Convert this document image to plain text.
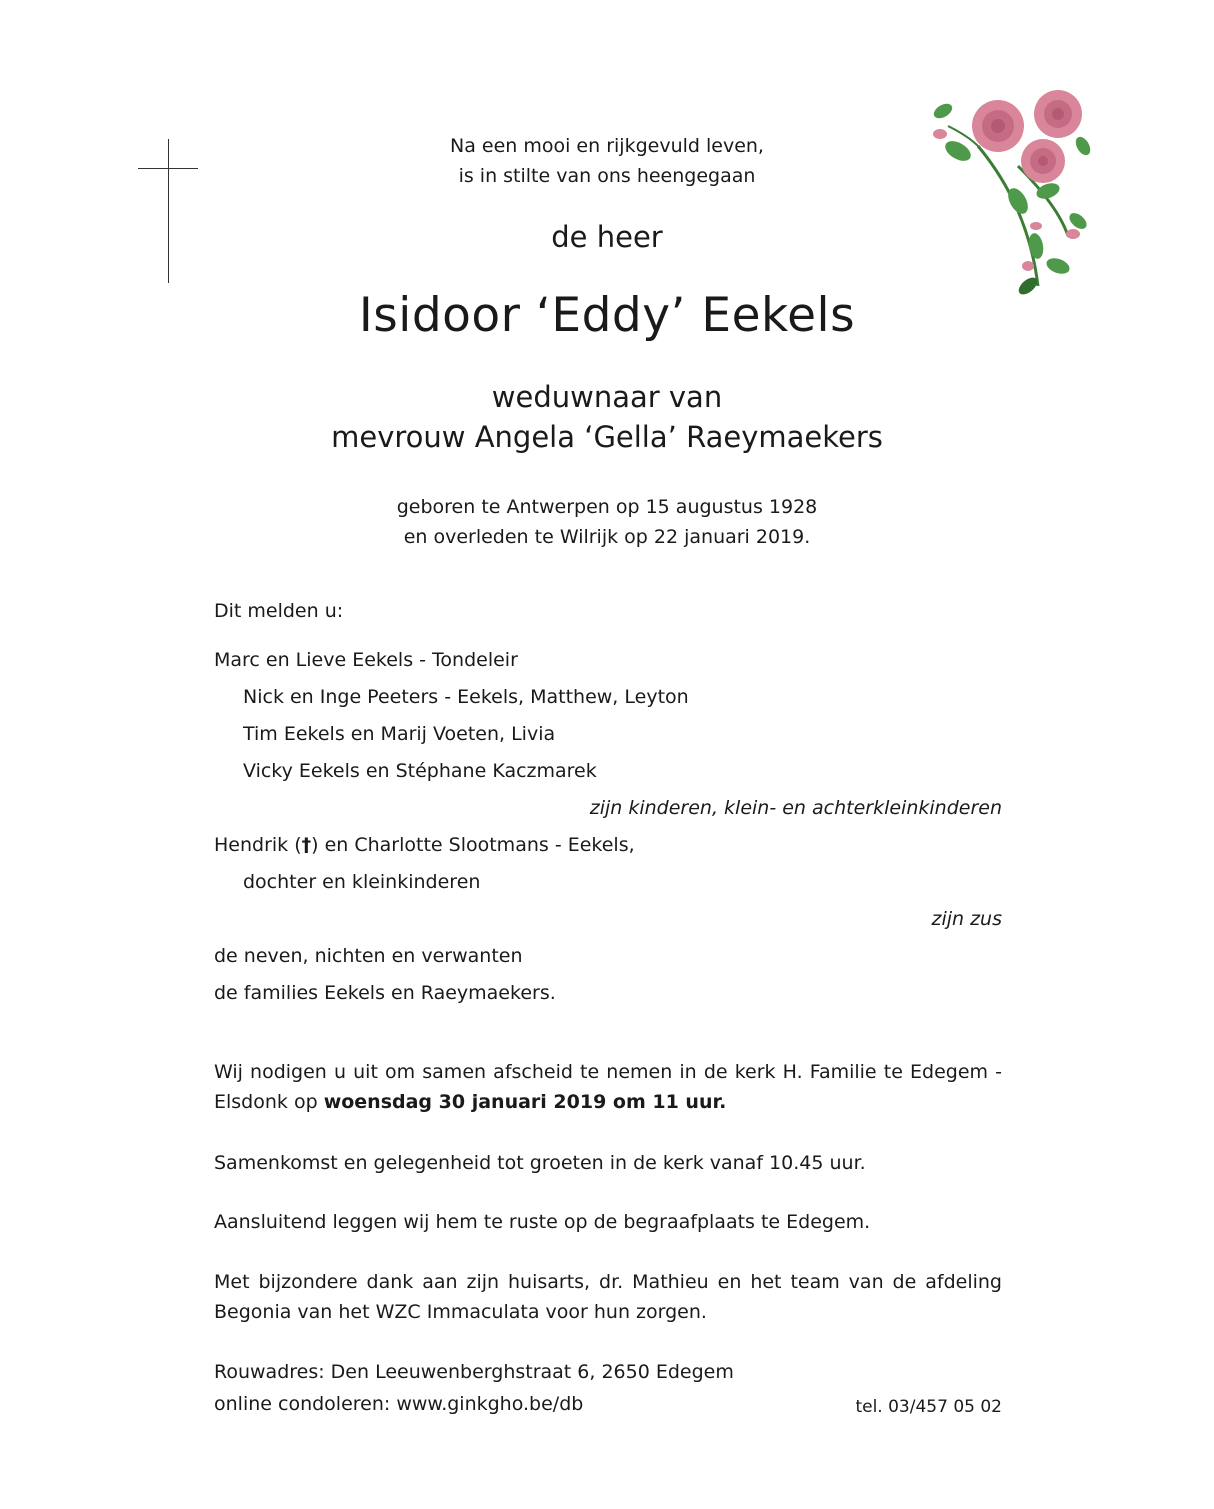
Na een mooi en rijkgevuld leven,
is in stilte van ons heengegaan
de heer
Isidoor ‘Eddy’ Eekels
weduwnaar van
mevrouw Angela ‘Gella’ Raeymaekers
geboren te Antwerpen op 15 augustus 1928
en overleden te Wilrijk op 22 januari 2019.
Dit melden u:
Marc en Lieve Eekels - Tondeleir
Nick en Inge Peeters - Eekels, Matthew, Leyton
Tim Eekels en Marij Voeten, Livia
Vicky Eekels en Stéphane Kaczmarek
zijn kinderen, klein- en achterkleinkinderen
Hendrik (†) en Charlotte Slootmans - Eekels,
dochter en kleinkinderen
zijn zus
de neven, nichten en verwanten
de families Eekels en Raeymaekers.
Wij nodigen u uit om samen afscheid te nemen in de kerk H. Familie te Edegem - Elsdonk op woensdag 30 januari 2019 om 11 uur.
Samenkomst en gelegenheid tot groeten in de kerk vanaf 10.45 uur.
Aansluitend leggen wij hem te ruste op de begraafplaats te Edegem.
Met bijzondere dank aan zijn huisarts, dr. Mathieu en het team van de afdeling Begonia van het WZC Immaculata voor hun zorgen.
Rouwadres: Den Leeuwenberghstraat 6, 2650 Edegem
online condoleren: www.ginkgho.be/db	tel. 03/457 05 02
